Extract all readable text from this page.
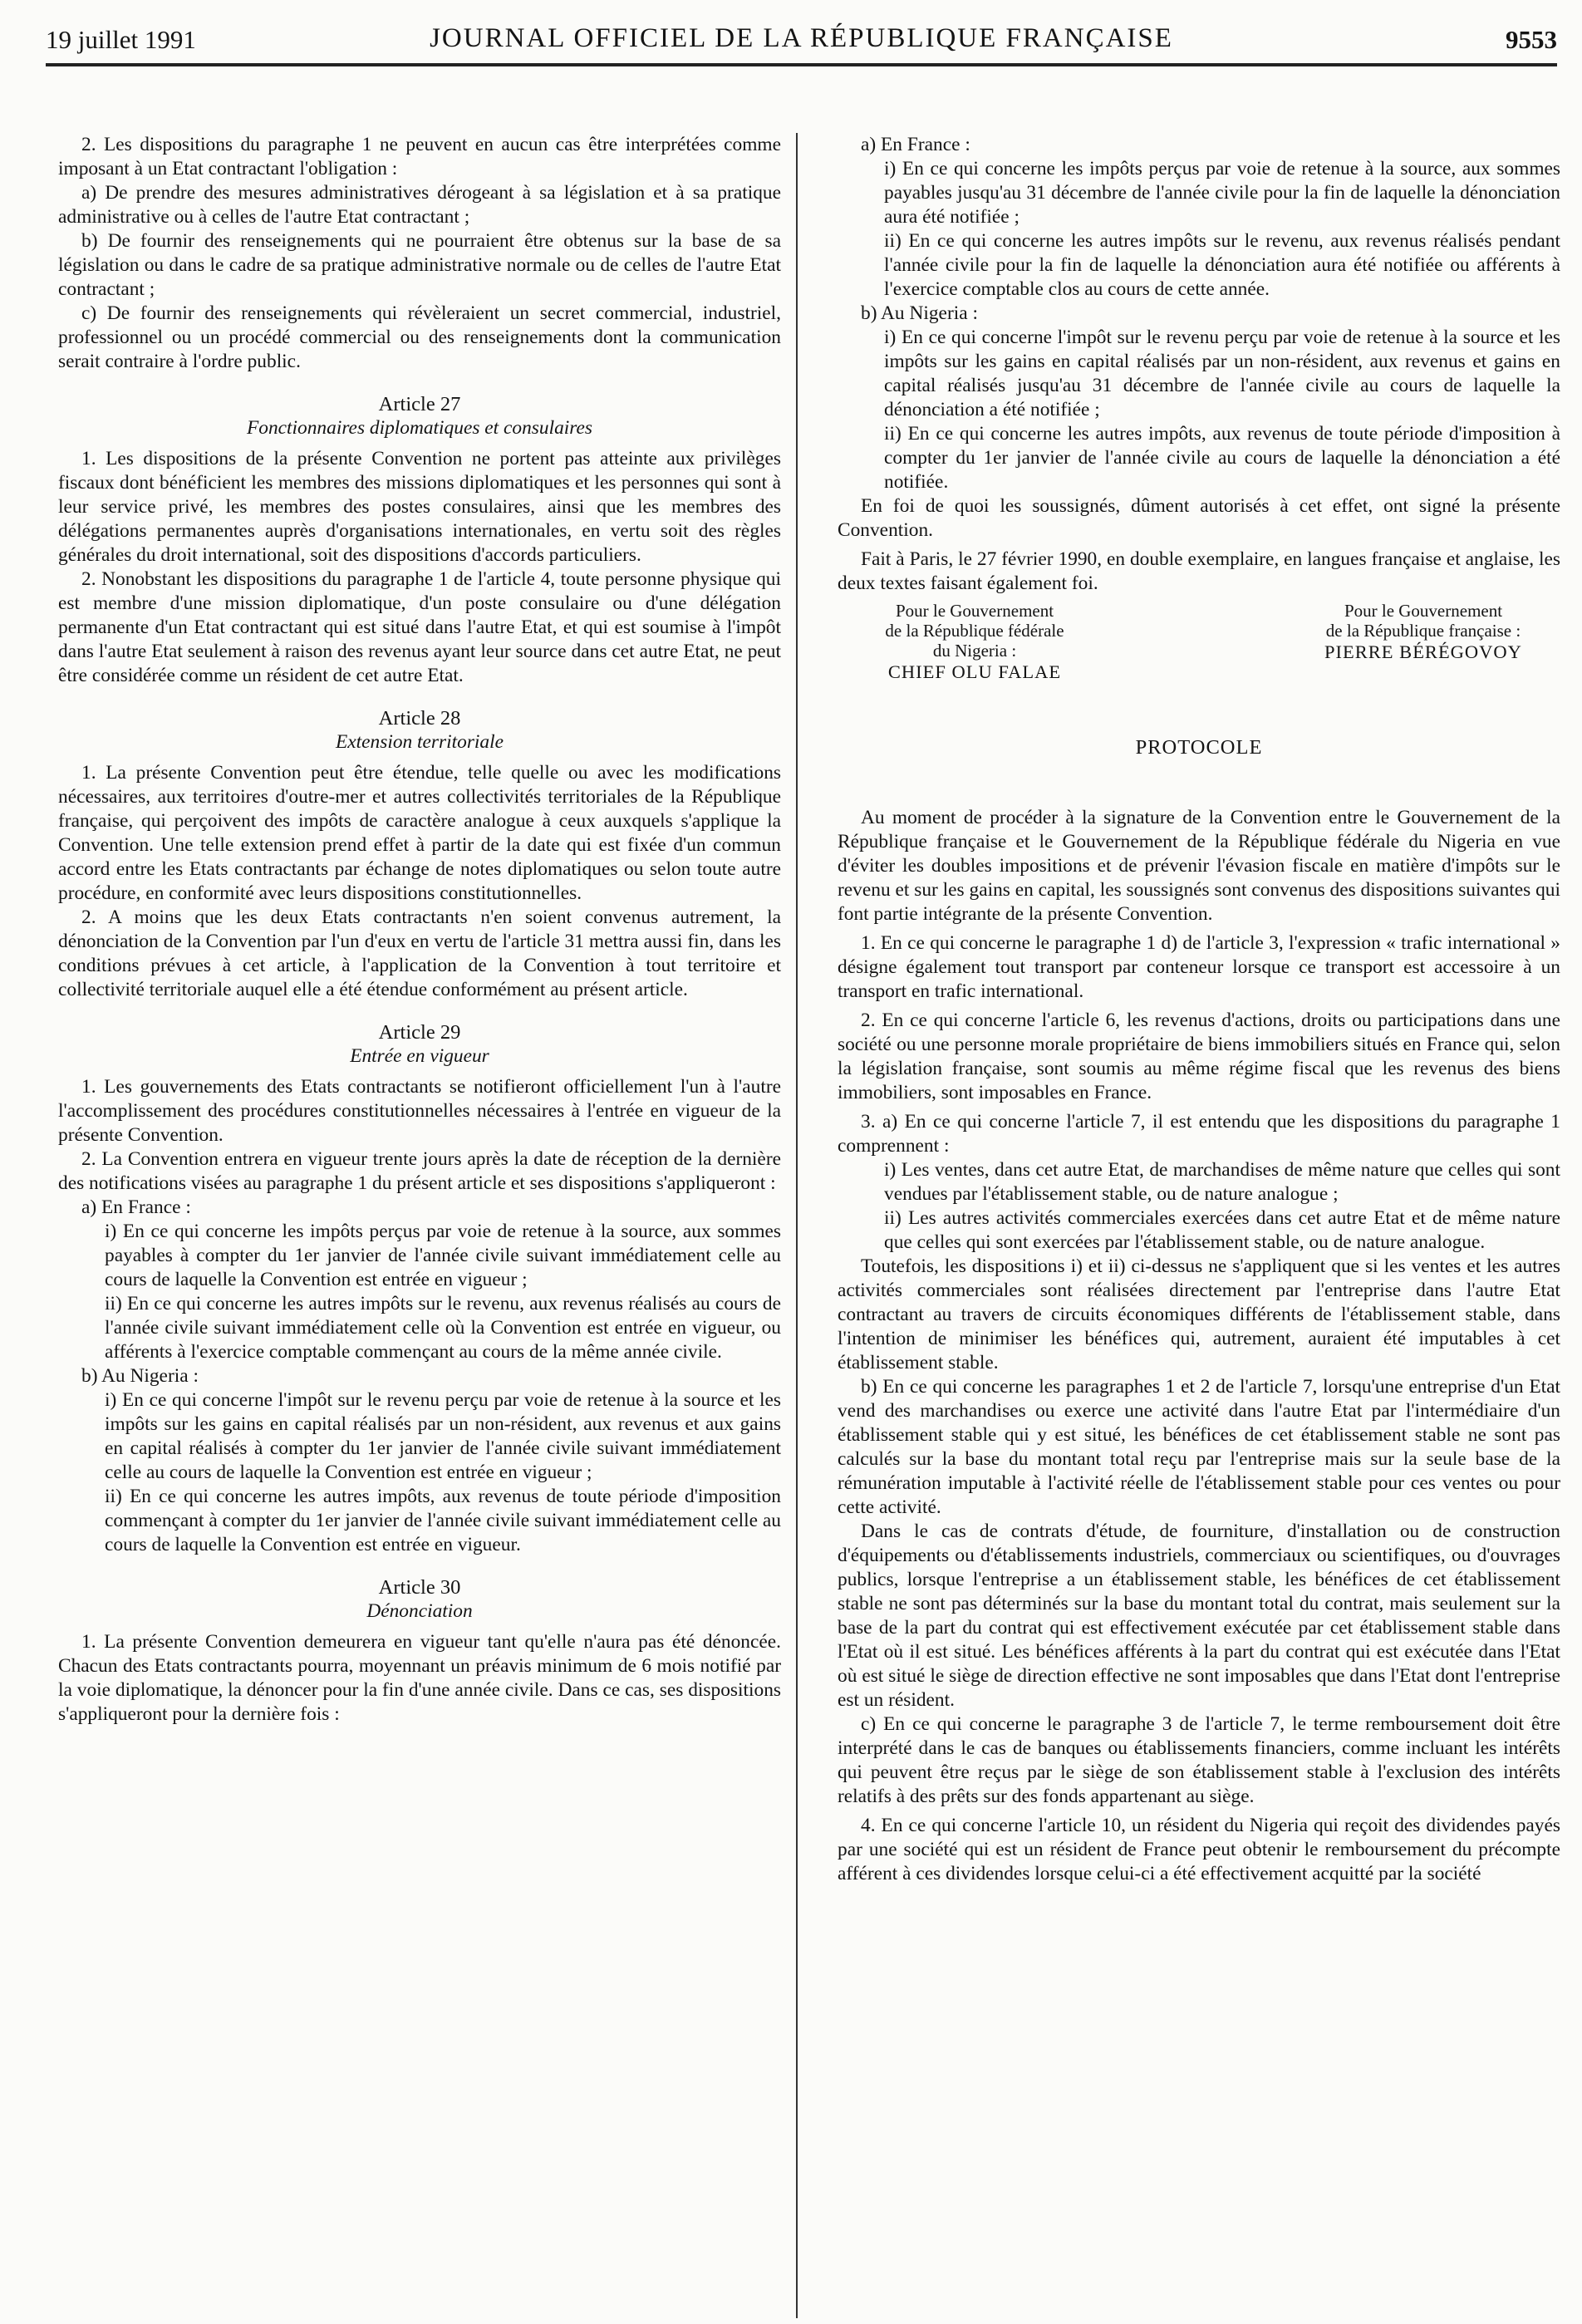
19 juillet 1991	JOURNAL OFFICIEL DE LA RÉPUBLIQUE FRANÇAISE	9553

2. Les dispositions du paragraphe 1 ne peuvent en aucun cas être interprétées comme imposant à un Etat contractant l'obligation :

a) De prendre des mesures administratives dérogeant à sa législation et à sa pratique administrative ou à celles de l'autre Etat contractant ;

b) De fournir des renseignements qui ne pourraient être obtenus sur la base de sa législation ou dans le cadre de sa pratique administrative normale ou de celles de l'autre Etat contractant ;

c) De fournir des renseignements qui révèleraient un secret commercial, industriel, professionnel ou un procédé commercial ou des renseignements dont la communication serait contraire à l'ordre public.

Article 27

Fonctionnaires diplomatiques et consulaires

1. Les dispositions de la présente Convention ne portent pas atteinte aux privilèges fiscaux dont bénéficient les membres des missions diplomatiques et les personnes qui sont à leur service privé, les membres des postes consulaires, ainsi que les membres des délégations permanentes auprès d'organisations internationales, en vertu soit des règles générales du droit international, soit des dispositions d'accords particuliers.

2. Nonobstant les dispositions du paragraphe 1 de l'article 4, toute personne physique qui est membre d'une mission diplomatique, d'un poste consulaire ou d'une délégation permanente d'un Etat contractant qui est situé dans l'autre Etat, et qui est soumise à l'impôt dans l'autre Etat seulement à raison des revenus ayant leur source dans cet autre Etat, ne peut être considérée comme un résident de cet autre Etat.

Article 28

Extension territoriale

1. La présente Convention peut être étendue, telle quelle ou avec les modifications nécessaires, aux territoires d'outre-mer et autres collectivités territoriales de la République française, qui perçoivent des impôts de caractère analogue à ceux auxquels s'applique la Convention. Une telle extension prend effet à partir de la date qui est fixée d'un commun accord entre les Etats contractants par échange de notes diplomatiques ou selon toute autre procédure, en conformité avec leurs dispositions constitutionnelles.

2. A moins que les deux Etats contractants n'en soient convenus autrement, la dénonciation de la Convention par l'un d'eux en vertu de l'article 31 mettra aussi fin, dans les conditions prévues à cet article, à l'application de la Convention à tout territoire et collectivité territoriale auquel elle a été étendue conformément au présent article.

Article 29

Entrée en vigueur

1. Les gouvernements des Etats contractants se notifieront officiellement l'un à l'autre l'accomplissement des procédures constitutionnelles nécessaires à l'entrée en vigueur de la présente Convention.

2. La Convention entrera en vigueur trente jours après la date de réception de la dernière des notifications visées au paragraphe 1 du présent article et ses dispositions s'appliqueront :

a) En France :

i) En ce qui concerne les impôts perçus par voie de retenue à la source, aux sommes payables à compter du 1er janvier de l'année civile suivant immédiatement celle au cours de laquelle la Convention est entrée en vigueur ;

ii) En ce qui concerne les autres impôts sur le revenu, aux revenus réalisés au cours de l'année civile suivant immédiatement celle où la Convention est entrée en vigueur, ou afférents à l'exercice comptable commençant au cours de la même année civile.

b) Au Nigeria :

i) En ce qui concerne l'impôt sur le revenu perçu par voie de retenue à la source et les impôts sur les gains en capital réalisés par un non-résident, aux revenus et aux gains en capital réalisés à compter du 1er janvier de l'année civile suivant immédiatement celle au cours de laquelle la Convention est entrée en vigueur ;

ii) En ce qui concerne les autres impôts, aux revenus de toute période d'imposition commençant à compter du 1er janvier de l'année civile suivant immédiatement celle au cours de laquelle la Convention est entrée en vigueur.

Article 30

Dénonciation

1. La présente Convention demeurera en vigueur tant qu'elle n'aura pas été dénoncée. Chacun des Etats contractants pourra, moyennant un préavis minimum de 6 mois notifié par la voie diplomatique, la dénoncer pour la fin d'une année civile. Dans ce cas, ses dispositions s'appliqueront pour la dernière fois :

a) En France :

i) En ce qui concerne les impôts perçus par voie de retenue à la source, aux sommes payables jusqu'au 31 décembre de l'année civile pour la fin de laquelle la dénonciation aura été notifiée ;

ii) En ce qui concerne les autres impôts sur le revenu, aux revenus réalisés pendant l'année civile pour la fin de laquelle la dénonciation aura été notifiée ou afférents à l'exercice comptable clos au cours de cette année.

b) Au Nigeria :

i) En ce qui concerne l'impôt sur le revenu perçu par voie de retenue à la source et les impôts sur les gains en capital réalisés par un non-résident, aux revenus et gains en capital réalisés jusqu'au 31 décembre de l'année civile au cours de laquelle la dénonciation a été notifiée ;

ii) En ce qui concerne les autres impôts, aux revenus de toute période d'imposition à compter du 1er janvier de l'année civile au cours de laquelle la dénonciation a été notifiée.

En foi de quoi les soussignés, dûment autorisés à cet effet, ont signé la présente Convention.

Fait à Paris, le 27 février 1990, en double exemplaire, en langues française et anglaise, les deux textes faisant également foi.

Pour le Gouvernement
de la République fédérale
du Nigeria :
CHIEF OLU FALAE
Pour le Gouvernement
de la République française :
PIERRE BÉRÉGOVOY

PROTOCOLE

Au moment de procéder à la signature de la Convention entre le Gouvernement de la République française et le Gouvernement de la République fédérale du Nigeria en vue d'éviter les doubles impositions et de prévenir l'évasion fiscale en matière d'impôts sur le revenu et sur les gains en capital, les soussignés sont convenus des dispositions suivantes qui font partie intégrante de la présente Convention.

1. En ce qui concerne le paragraphe 1 d) de l'article 3, l'expression « trafic international » désigne également tout transport par conteneur lorsque ce transport est accessoire à un transport en trafic international.

2. En ce qui concerne l'article 6, les revenus d'actions, droits ou participations dans une société ou une personne morale propriétaire de biens immobiliers situés en France qui, selon la législation française, sont soumis au même régime fiscal que les revenus des biens immobiliers, sont imposables en France.

3. a) En ce qui concerne l'article 7, il est entendu que les dispositions du paragraphe 1 comprennent :

i) Les ventes, dans cet autre Etat, de marchandises de même nature que celles qui sont vendues par l'établissement stable, ou de nature analogue ;

ii) Les autres activités commerciales exercées dans cet autre Etat et de même nature que celles qui sont exercées par l'établissement stable, ou de nature analogue.

Toutefois, les dispositions i) et ii) ci-dessus ne s'appliquent que si les ventes et les autres activités commerciales sont réalisées directement par l'entreprise dans l'autre Etat contractant au travers de circuits économiques différents de l'établissement stable, dans l'intention de minimiser les bénéfices qui, autrement, auraient été imputables à cet établissement stable.

b) En ce qui concerne les paragraphes 1 et 2 de l'article 7, lorsqu'une entreprise d'un Etat vend des marchandises ou exerce une activité dans l'autre Etat par l'intermédiaire d'un établissement stable qui y est situé, les bénéfices de cet établissement stable ne sont pas calculés sur la base du montant total reçu par l'entreprise mais sur la seule base de la rémunération imputable à l'activité réelle de l'établissement stable pour ces ventes ou pour cette activité.

Dans le cas de contrats d'étude, de fourniture, d'installation ou de construction d'équipements ou d'établissements industriels, commerciaux ou scientifiques, ou d'ouvrages publics, lorsque l'entreprise a un établissement stable, les bénéfices de cet établissement stable ne sont pas déterminés sur la base du montant total du contrat, mais seulement sur la base de la part du contrat qui est effectivement exécutée par cet établissement stable dans l'Etat où il est situé. Les bénéfices afférents à la part du contrat qui est exécutée dans l'Etat où est situé le siège de direction effective ne sont imposables que dans l'Etat dont l'entreprise est un résident.

c) En ce qui concerne le paragraphe 3 de l'article 7, le terme remboursement doit être interprété dans le cas de banques ou établissements financiers, comme incluant les intérêts qui peuvent être reçus par le siège de son établissement stable à l'exclusion des intérêts relatifs à des prêts sur des fonds appartenant au siège.

4. En ce qui concerne l'article 10, un résident du Nigeria qui reçoit des dividendes payés par une société qui est un résident de France peut obtenir le remboursement du précompte afférent à ces dividendes lorsque celui-ci a été effectivement acquitté par la société
